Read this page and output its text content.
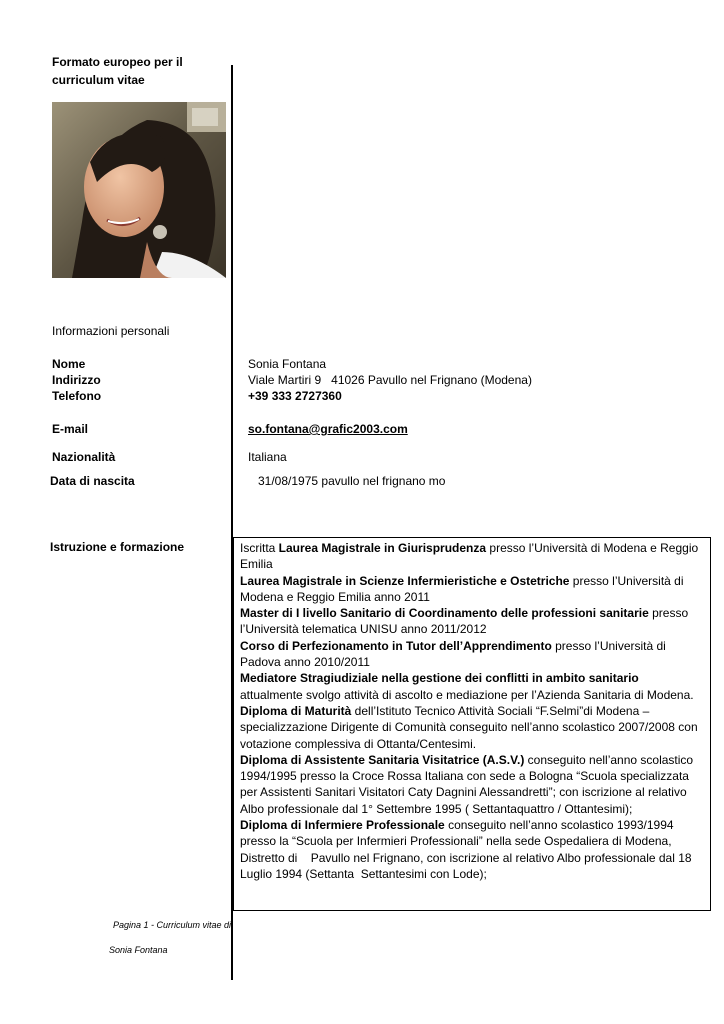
Formato europeo per il
curriculum vitae
Informazioni personali
Nome
Indirizzo
Telefono
E-mail
Nazionalità
Data di nascita
Sonia Fontana
Viale Martiri 9   41026 Pavullo nel Frignano (Modena)
+39 333 2727360
so.fontana@grafic2003.com
Italiana
31/08/1975 pavullo nel frignano mo
Istruzione e formazione	Iscritta Laurea Magistrale in Giurisprudenza presso l’Università di Modena e Reggio Emilia

Laurea Magistrale in Scienze Infermieristiche e Ostetriche presso l’Università di Modena e Reggio Emilia anno 2011

Master di I livello Sanitario di Coordinamento delle professioni sanitarie presso l’Università telematica UNISU anno 2011/2012

Corso di Perfezionamento in Tutor dell’Apprendimento presso l’Università di Padova anno 2010/2011

Mediatore Stragiudiziale nella gestione dei conflitti in ambito sanitario attualmente svolgo attività di ascolto e mediazione per l’Azienda Sanitaria di Modena.

Diploma di Maturità dell’Istituto Tecnico Attività Sociali “F.Selmi”di Modena – specializzazione Dirigente di Comunità conseguito nell’anno scolastico 2007/2008 con votazione complessiva di Ottanta/Centesimi.

Diploma di Assistente Sanitaria Visitatrice (A.S.V.) conseguito nell’anno scolastico 1994/1995 presso la Croce Rossa Italiana con sede a Bologna “Scuola specializzata per Assistenti Sanitari Visitatori Caty Dagnini Alessandretti”; con iscrizione al relativo Albo professionale dal 1° Settembre 1995 ( Settantaquattro / Ottantesimi);

Diploma di Infermiere Professionale conseguito nell’anno scolastico 1993/1994 presso la “Scuola per Infermieri Professionali” nella sede Ospedaliera di Modena, Distretto di    Pavullo nel Frignano, con iscrizione al relativo Albo professionale dal 18 Luglio 1994 (Settanta  Settantesimi con Lode);

Pagina 1 - Curriculum vitae di
Sonia Fontana
